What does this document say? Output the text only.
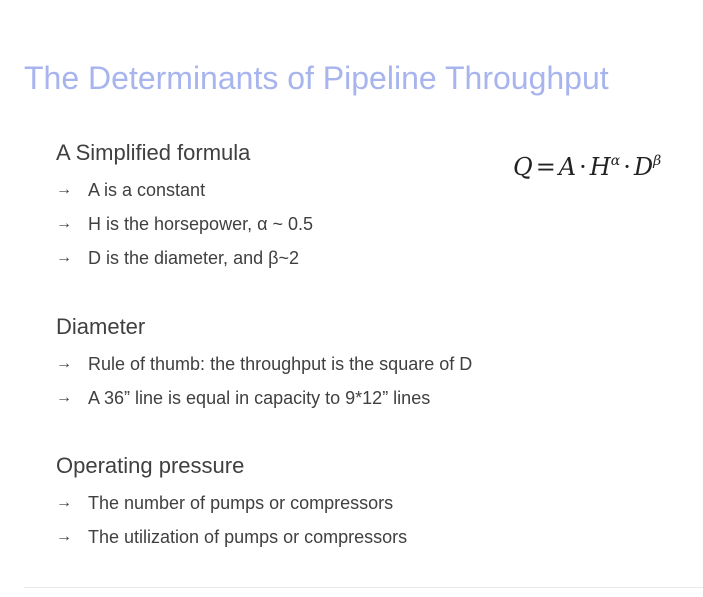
The Determinants of Pipeline Throughput
$Q = A \cdot H^\alpha \cdot D^\beta$
A Simplified formula
→ A is a constant
→ H is the horsepower, α ~ 0.5
→ D is the diameter, and β~2
Diameter
→ Rule of thumb: the throughput is the square of D
→ A 36” line is equal in capacity to 9*12” lines
Operating pressure
→ The number of pumps or compressors
→ The utilization of pumps or compressors
